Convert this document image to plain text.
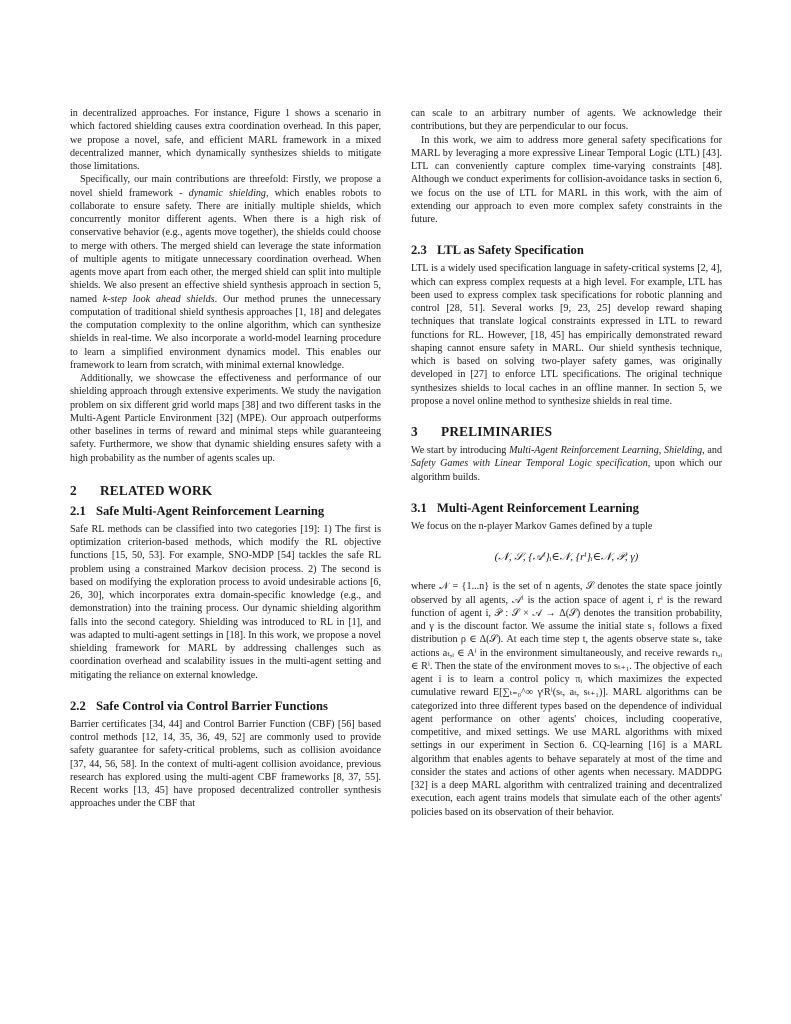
in decentralized approaches. For instance, Figure 1 shows a scenario in which factored shielding causes extra coordination overhead. In this paper, we propose a novel, safe, and efficient MARL framework in a mixed decentralized manner, which dynamically synthesizes shields to mitigate those limitations.

Specifically, our main contributions are threefold: Firstly, we propose a novel shield framework - dynamic shielding, which enables robots to collaborate to ensure safety. There are initially multiple shields, which concurrently monitor different agents. When there is a high risk of conservative behavior (e.g., agents move together), the shields could choose to merge with others. The merged shield can leverage the state information of multiple agents to mitigate unnecessary coordination overhead. When agents move apart from each other, the merged shield can split into multiple shields. We also present an effective shield synthesis approach in section 5, named k-step look ahead shields. Our method prunes the unnecessary computation of traditional shield synthesis approaches [1, 18] and delegates the computation complexity to the online algorithm, which can synthesize shields in real-time. We also incorporate a world-model learning procedure to learn a simplified environment dynamics model. This enables our framework to learn from scratch, with minimal external knowledge.

Additionally, we showcase the effectiveness and performance of our shielding approach through extensive experiments. We study the navigation problem on six different grid world maps [38] and two different tasks in the Multi-Agent Particle Environment [32] (MPE). Our approach outperforms other baselines in terms of reward and minimal steps while guaranteeing safety. Furthermore, we show that dynamic shielding ensures safety with a high probability as the number of agents scales up.

2 RELATED WORK
2.1 Safe Multi-Agent Reinforcement Learning

Safe RL methods can be classified into two categories [19]: 1) The first is optimization criterion-based methods, which modify the RL objective functions [15, 50, 53]. For example, SNO-MDP [54] tackles the safe RL problem using a constrained Markov decision process. 2) The second is based on modifying the exploration process to avoid undesirable actions [6, 26, 30], which incorporates extra domain-specific knowledge (e.g., and demonstration) into the training process. Our dynamic shielding algorithm falls into the second category. Shielding was introduced to RL in [1], and was adapted to multi-agent settings in [18]. In this work, we propose a novel shielding framework for MARL by addressing challenges such as coordination overhead and scalability issues in the multi-agent setting and mitigating the reliance on external knowledge.

2.2 Safe Control via Control Barrier Functions

Barrier certificates [34, 44] and Control Barrier Function (CBF) [56] based control methods [12, 14, 35, 36, 49, 52] are commonly used to provide safety guarantee for safety-critical problems, such as collision avoidance [37, 44, 56, 58]. In the context of multi-agent collision avoidance, previous research has explored using the multi-agent CBF frameworks [8, 37, 55]. Recent works [13, 45] have proposed decentralized controller synthesis approaches under the CBF that

can scale to an arbitrary number of agents. We acknowledge their contributions, but they are perpendicular to our focus.

In this work, we aim to address more general safety specifications for MARL by leveraging a more expressive Linear Temporal Logic (LTL) [43]. LTL can conveniently capture complex time-varying constraints [48]. Although we conduct experiments for collision-avoidance tasks in section 6, we focus on the use of LTL for MARL in this work, with the aim of extending our approach to even more complex safety constraints in the future.

2.3 LTL as Safety Specification

LTL is a widely used specification language in safety-critical systems [2, 4], which can express complex requests at a high level. For example, LTL has been used to express complex task specifications for robotic planning and control [28, 51]. Several works [9, 23, 25] develop reward shaping techniques that translate logical constraints expressed in LTL to reward functions for RL. However, [18, 45] has empirically demonstrated reward shaping cannot ensure safety in MARL. Our shield synthesis technique, which is based on solving two-player safety games, was originally developed in [27] to enforce LTL specifications. The original technique synthesizes shields to local caches in an offline manner. In section 5, we propose a novel online method to synthesize shields in real time.

3 PRELIMINARIES

We start by introducing Multi-Agent Reinforcement Learning, Shielding, and Safety Games with Linear Temporal Logic specification, upon which our algorithm builds.

3.1 Multi-Agent Reinforcement Learning

We focus on the n-player Markov Games defined by a tuple

(𝒩, 𝒮, {𝒜ⁱ}ᵢ∈𝒩, {rⁱ}ᵢ∈𝒩, 𝒫, γ)

where 𝒩 = {1...n} is the set of n agents, 𝒮 denotes the state space jointly observed by all agents, 𝒜ⁱ is the action space of agent i, rⁱ is the reward function of agent i, 𝒫 : 𝒮 × 𝒜 → Δ(𝒮) denotes the transition probability, and γ is the discount factor. We assume the initial state s₁ follows a fixed distribution ρ ∈ Δ(𝒮). At each time step t, the agents observe state sₜ, take actions aₜ,ᵢ ∈ Aⁱ in the environment simultaneously, and receive rewards rₜ,ᵢ ∈ Rⁱ. Then the state of the environment moves to sₜ₊₁. The objective of each agent i is to learn a control policy πᵢ which maximizes the expected cumulative reward E[∑ₜ₌₀^∞ γᵗRⁱ(sₜ, aₜ, sₜ₊₁)]. MARL algorithms can be categorized into three different types based on the dependence of individual agent performance on other agents' choices, including cooperative, competitive, and mixed settings. We use MARL algorithms with mixed settings in our experiment in Section 6. CQ-learning [16] is a MARL algorithm that enables agents to behave separately at most of the time and consider the states and actions of other agents when necessary. MADDPG [32] is a deep MARL algorithm with centralized training and decentralized execution, each agent trains models that simulate each of the other agents' policies based on its observation of their behavior.
